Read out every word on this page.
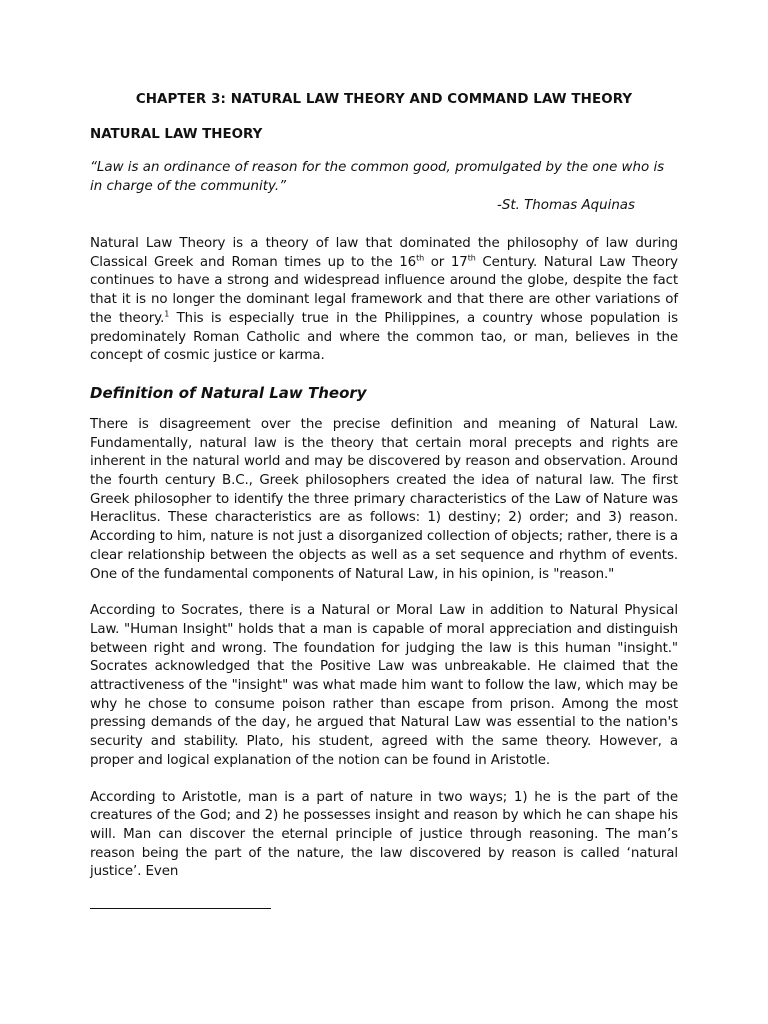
CHAPTER 3: NATURAL LAW THEORY AND COMMAND LAW THEORY
NATURAL LAW THEORY

“Law is an ordinance of reason for the common good, promulgated by the one who is in charge of the community.”

-St. Thomas Aquinas

Natural Law Theory is a theory of law that dominated the philosophy of law during Classical Greek and Roman times up to the 16th or 17th Century. Natural Law Theory continues to have a strong and widespread influence around the globe, despite the fact that it is no longer the dominant legal framework and that there are other variations of the theory.$^1$ This is especially true in the Philippines, a country whose population is predominately Roman Catholic and where the common tao, or man, believes in the concept of cosmic justice or karma.

Definition of Natural Law Theory

There is disagreement over the precise definition and meaning of Natural Law. Fundamentally, natural law is the theory that certain moral precepts and rights are inherent in the natural world and may be discovered by reason and observation. Around the fourth century B.C., Greek philosophers created the idea of natural law. The first Greek philosopher to identify the three primary characteristics of the Law of Nature was Heraclitus. These characteristics are as follows: 1) destiny; 2) order; and 3) reason. According to him, nature is not just a disorganized collection of objects; rather, there is a clear relationship between the objects as well as a set sequence and rhythm of events. One of the fundamental components of Natural Law, in his opinion, is "reason."

According to Socrates, there is a Natural or Moral Law in addition to Natural Physical Law. "Human Insight" holds that a man is capable of moral appreciation and distinguish between right and wrong. The foundation for judging the law is this human "insight." Socrates acknowledged that the Positive Law was unbreakable. He claimed that the attractiveness of the "insight" was what made him want to follow the law, which may be why he chose to consume poison rather than escape from prison. Among the most pressing demands of the day, he argued that Natural Law was essential to the nation's security and stability. Plato, his student, agreed with the same theory. However, a proper and logical explanation of the notion can be found in Aristotle.

According to Aristotle, man is a part of nature in two ways; 1) he is the part of the creatures of the God; and 2) he possesses insight and reason by which he can shape his will. Man can discover the eternal principle of justice through reasoning. The man’s reason being the part of the nature, the law discovered by reason is called ‘natural justice’. Even
